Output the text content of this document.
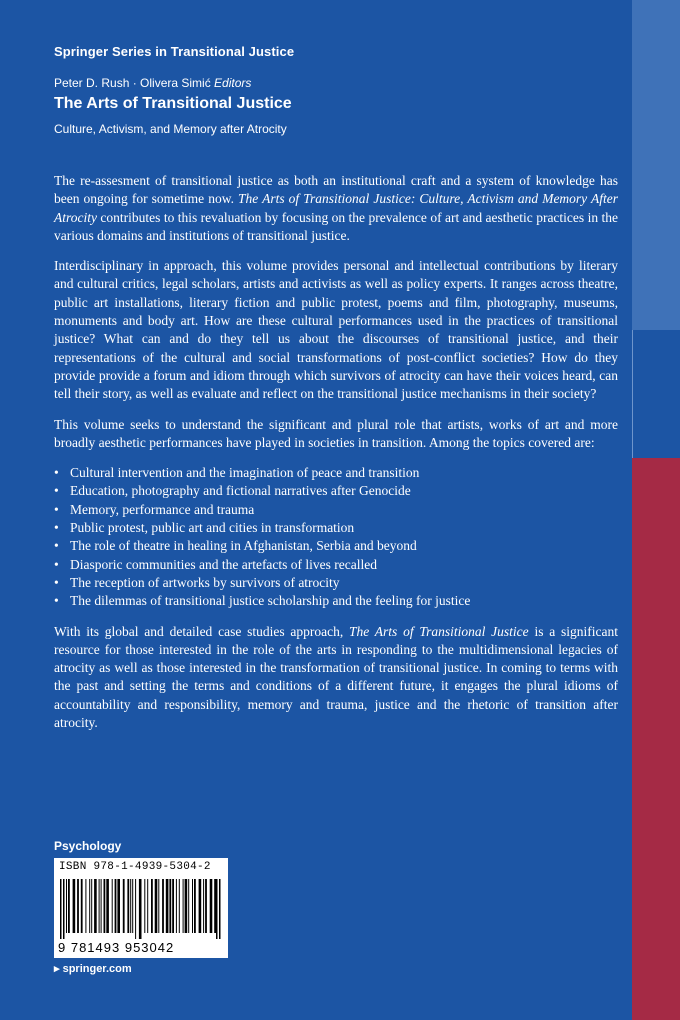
Springer Series in Transitional Justice
Peter D. Rush · Olivera Simić Editors
The Arts of Transitional Justice
Culture, Activism, and Memory after Atrocity

The re-assesment of transitional justice as both an institutional craft and a system of knowledge has been ongoing for sometime now. The Arts of Transitional Justice: Culture, Activism and Memory After Atrocity contributes to this revaluation by focusing on the prevalence of art and aesthetic practices in the various domains and institutions of transitional justice.

Interdisciplinary in approach, this volume provides personal and intellectual contributions by literary and cultural critics, legal scholars, artists and activists as well as policy experts. It ranges across theatre, public art installations, literary fiction and public protest, poems and film, photography, museums, monuments and body art. How are these cultural performances used in the practices of transitional justice? What can and do they tell us about the discourses of transitional justice, and their representations of the cultural and social transformations of post-conflict societies? How do they provide provide a forum and idiom through which survivors of atrocity can have their voices heard, can tell their story, as well as evaluate and reflect on the transitional justice mechanisms in their society?

This volume seeks to understand the significant and plural role that artists, works of art and more broadly aesthetic performances have played in societies in transition. Among the topics covered are:

• Cultural intervention and the imagination of peace and transition
• Education, photography and fictional narratives after Genocide
• Memory, performance and trauma
• Public protest, public art and cities in transformation
• The role of theatre in healing in Afghanistan, Serbia and beyond
• Diasporic communities and the artefacts of lives recalled
• The reception of artworks by survivors of atrocity
• The dilemmas of transitional justice scholarship and the feeling for justice

With its global and detailed case studies approach, The Arts of Transitional Justice is a significant resource for those interested in the role of the arts in responding to the multidimensional legacies of atrocity as well as those interested in the transformation of transitional justice. In coming to terms with the past and setting the terms and conditions of a different future, it engages the plural idioms of accountability and responsibility, memory and trauma, justice and the rhetoric of transition after atrocity.

Psychology
ISBN 978-1-4939-5304-2
9 781493 953042
▸ springer.com
